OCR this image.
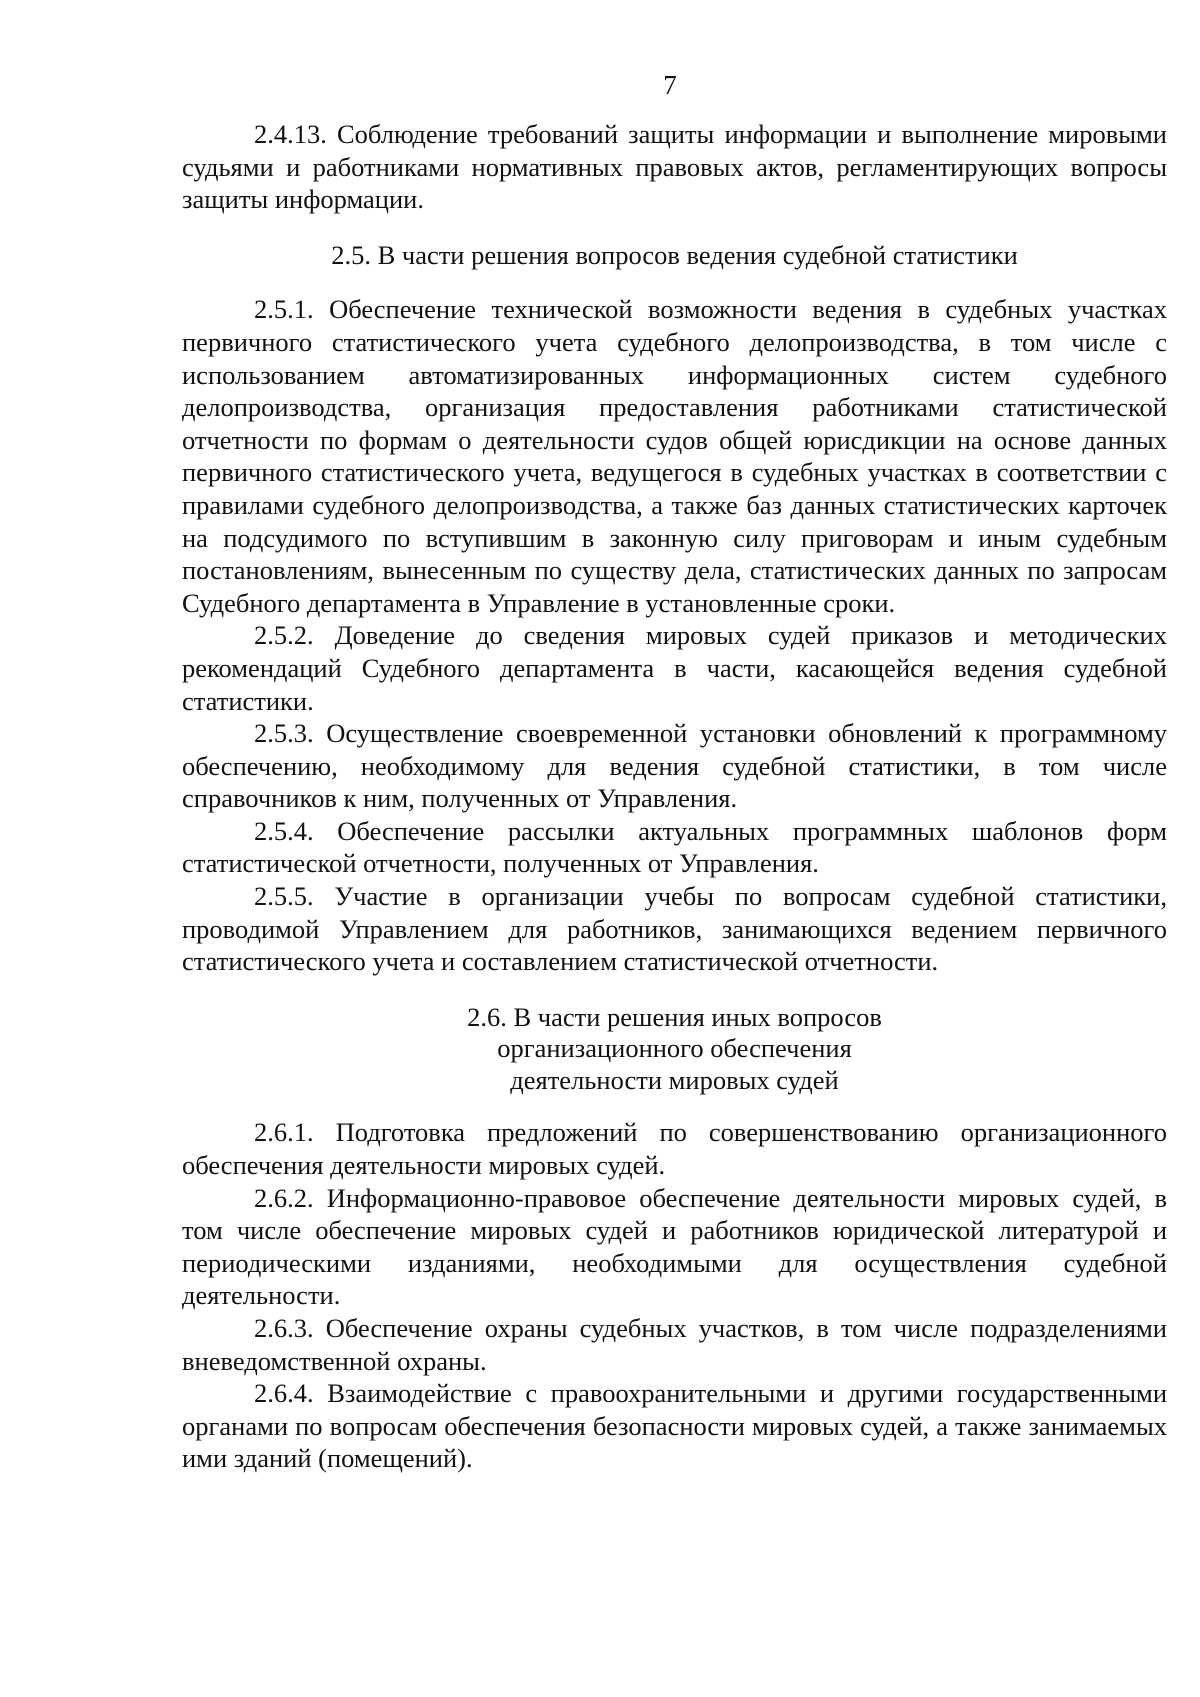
7

2.4.13. Соблюдение требований защиты информации и выполнение мировыми судьями и работниками нормативных правовых актов, регламентирующих вопросы защиты информации.

2.5. В части решения вопросов ведения судебной статистики

2.5.1. Обеспечение технической возможности ведения в судебных участках первичного статистического учета судебного делопроизводства, в том числе с использованием автоматизированных информационных систем судебного делопроизводства, организация предоставления работниками статистической отчетности по формам о деятельности судов общей юрисдикции на основе данных первичного статистического учета, ведущегося в судебных участках в соответствии с правилами судебного делопроизводства, а также баз данных статистических карточек на подсудимого по вступившим в законную силу приговорам и иным судебным постановлениям, вынесенным по существу дела, статистических данных по запросам Судебного департамента в Управление в установленные сроки.

2.5.2. Доведение до сведения мировых судей приказов и методических рекомендаций Судебного департамента в части, касающейся ведения судебной статистики.

2.5.3. Осуществление своевременной установки обновлений к программному обеспечению, необходимому для ведения судебной статистики, в том числе справочников к ним, полученных от Управления.

2.5.4. Обеспечение рассылки актуальных программных шаблонов форм статистической отчетности, полученных от Управления.

2.5.5. Участие в организации учебы по вопросам судебной статистики, проводимой Управлением для работников, занимающихся ведением первичного статистического учета и составлением статистической отчетности.

2.6. В части решения иных вопросов
организационного обеспечения
деятельности мировых судей

2.6.1. Подготовка предложений по совершенствованию организационного обеспечения деятельности мировых судей.

2.6.2. Информационно-правовое обеспечение деятельности мировых судей, в том числе обеспечение мировых судей и работников юридической литературой и периодическими изданиями, необходимыми для осуществления судебной деятельности.

2.6.3. Обеспечение охраны судебных участков, в том числе подразделениями вневедомственной охраны.

2.6.4. Взаимодействие с правоохранительными и другими государственными органами по вопросам обеспечения безопасности мировых судей, а также занимаемых ими зданий (помещений).
